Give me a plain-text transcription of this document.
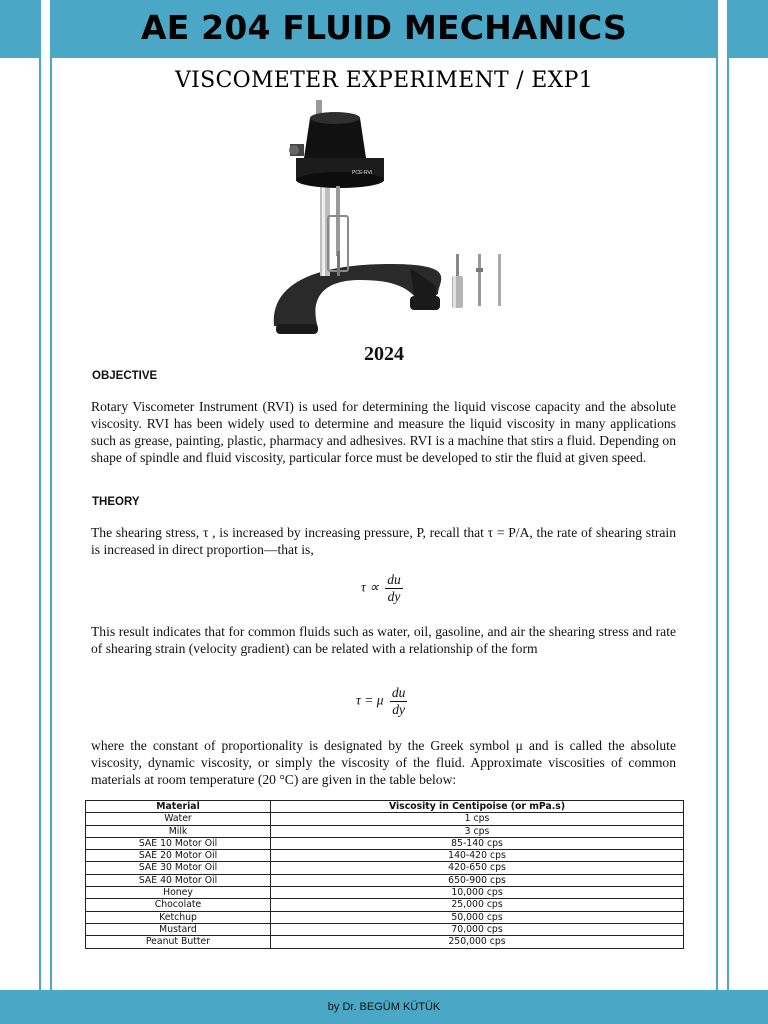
AE 204 FLUID MECHANICS
VISCOMETER EXPERIMENT / EXP1
PCE-RVI
2024
OBJECTIVE
Rotary Viscometer Instrument (RVI) is used for determining the liquid viscose capacity and the absolute viscosity. RVI has been widely used to determine and measure the liquid viscosity in many applications such as grease, painting, plastic, pharmacy and adhesives. RVI is a machine that stirs a fluid. Depending on shape of spindle and fluid viscosity, particular force must be developed to stir the fluid at given speed.
THEORY
The shearing stress, τ , is increased by increasing pressure, P, recall that τ = P/A, the rate of shearing strain is increased in direct proportion—that is,
$\tau \propto \frac{du}{dy}$
This result indicates that for common fluids such as water, oil, gasoline, and air the shearing stress and rate of shearing strain (velocity gradient) can be related with a relationship of the form
τ = μ $\frac{du}{dy}$
where the constant of proportionality is designated by the Greek symbol μ and is called the absolute viscosity, dynamic viscosity, or simply the viscosity of the fluid. Approximate viscosities of common materials at room temperature (20 °C) are given in the table below:
Material	Viscosity in Centipoise (or mPa.s)
Water	1 cps
Milk	3 cps
SAE 10 Motor Oil	85-140 cps
SAE 20 Motor Oil	140-420 cps
SAE 30 Motor Oil	420-650 cps
SAE 40 Motor Oil	650-900 cps
Honey	10,000 cps
Chocolate	25,000 cps
Ketchup	50,000 cps
Mustard	70,000 cps
Peanut Butter	250,000 cps
by Dr. BEGÜM KÜTÜK
